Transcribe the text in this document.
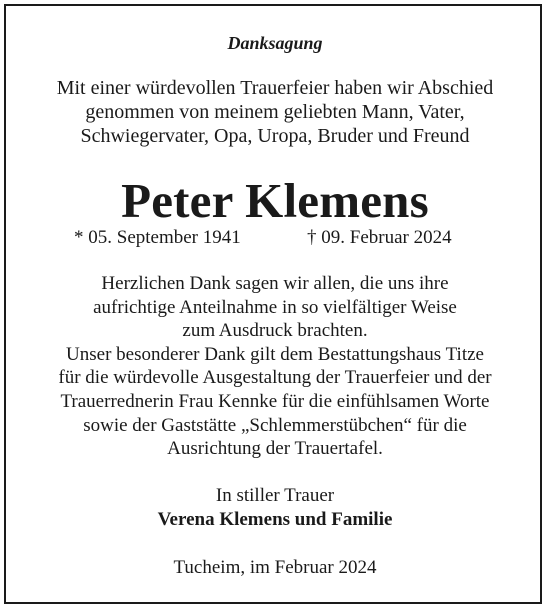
Danksagung
Mit einer würdevollen Trauerfeier haben wir Abschied
genommen von meinem geliebten Mann, Vater,
Schwiegervater, Opa, Uropa, Bruder und Freund
Peter Klemens
* 05. September 1941	† 09. Februar 2024
Herzlichen Dank sagen wir allen, die uns ihre
aufrichtige Anteilnahme in so vielfältiger Weise
zum Ausdruck brachten.
Unser besonderer Dank gilt dem Bestattungshaus Titze
für die würdevolle Ausgestaltung der Trauerfeier und der
Trauerrednerin Frau Kennke für die einfühlsamen Worte
sowie der Gaststätte „Schlemmerstübchen“ für die
Ausrichtung der Trauertafel.
In stiller Trauer
Verena Klemens und Familie
Tucheim, im Februar 2024
